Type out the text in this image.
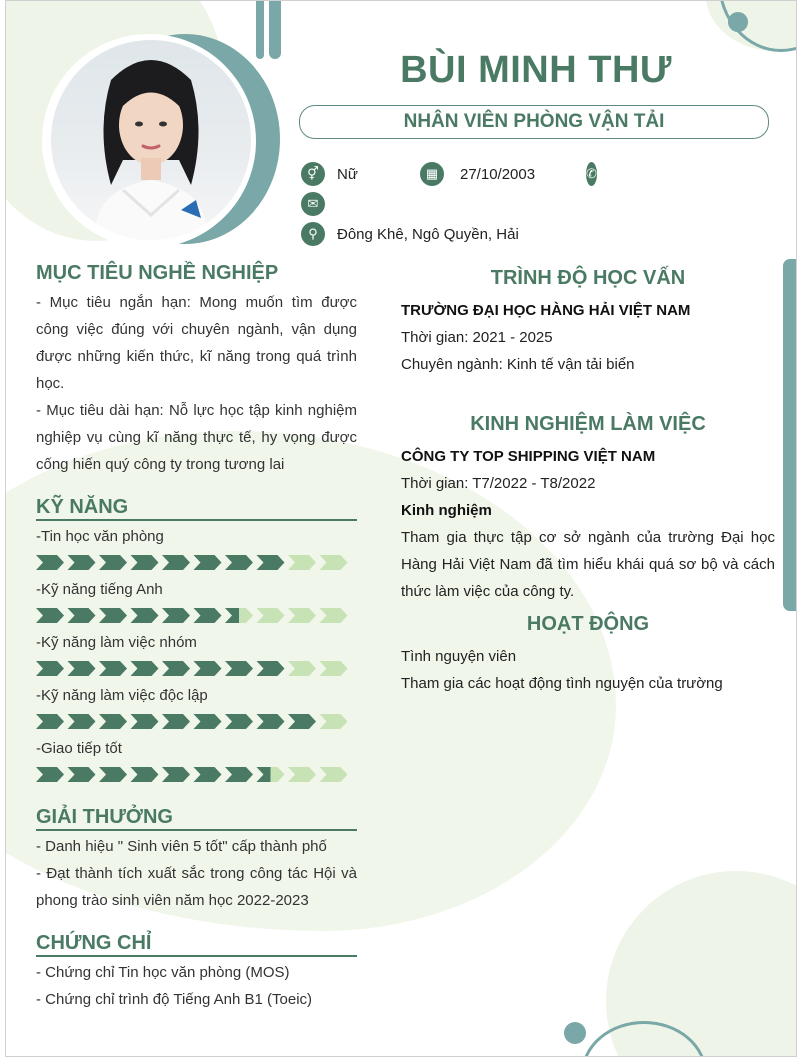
BÙI MINH THƯ
NHÂN VIÊN PHÒNG VẬN TẢI
⚥	Nữ	▦	27/10/2003	✆
✉
⚲	Đông Khê, Ngô Quyền, Hải
MỤC TIÊU NGHỀ NGHIỆP
- Mục tiêu ngắn hạn: Mong muốn tìm được công việc đúng với chuyên ngành, vận dụng được những kiến thức, kĩ năng trong quá trình học.
- Mục tiêu dài hạn: Nỗ lực học tập kinh nghiệm nghiệp vụ cùng kĩ năng thực tế, hy vọng được cống hiến quý công ty trong tương lai
KỸ NĂNG
-Tin học văn phòng
-Kỹ năng tiếng Anh
-Kỹ năng làm việc nhóm
-Kỹ năng làm việc độc lập
-Giao tiếp tốt
GIẢI THƯỞNG
- Danh hiệu " Sinh viên 5 tốt" cấp thành phố
- Đạt thành tích xuất sắc trong công tác Hội và phong trào sinh viên năm học 2022-2023
CHỨNG CHỈ
- Chứng chỉ Tin học văn phòng (MOS)
- Chứng chỉ trình độ Tiếng Anh B1 (Toeic)
TRÌNH ĐỘ HỌC VẤN
TRƯỜNG ĐẠI HỌC HÀNG HẢI VIỆT NAM
Thời gian: 2021 - 2025
Chuyên ngành: Kinh tế vận tải biển
KINH NGHIỆM LÀM VIỆC
CÔNG TY TOP SHIPPING VIỆT NAM
Thời gian: T7/2022 - T8/2022
Kinh nghiệm
Tham gia thực tập cơ sở ngành của trường Đại học Hàng Hải Việt Nam đã tìm hiểu khái quá sơ bộ và cách thức làm việc của công ty.
HOẠT ĐỘNG
Tình nguyện viên
Tham gia các hoạt động tình nguyện của trường
